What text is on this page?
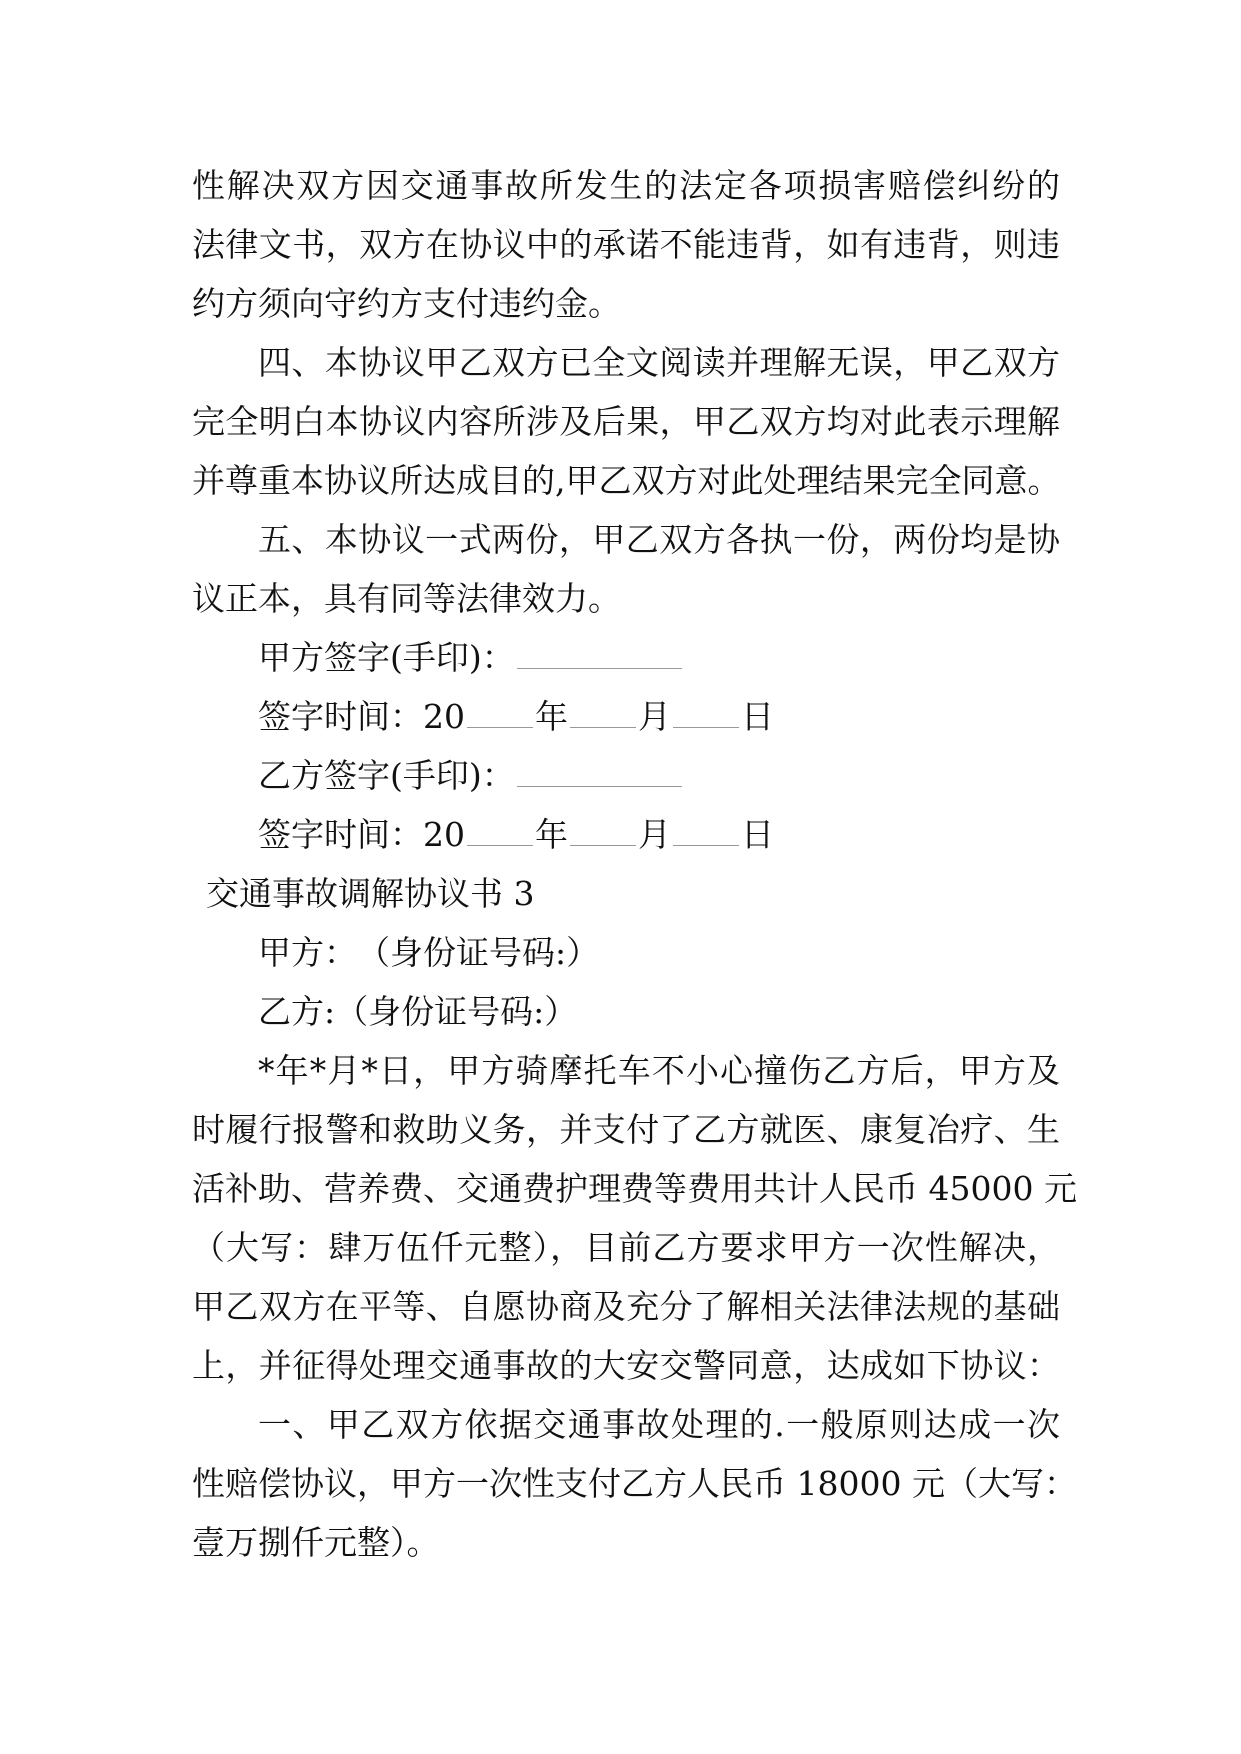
性解决双方因交通事故所发生的法定各项损害赔偿纠纷的
法律文书，双方在协议中的承诺不能违背，如有违背，则违
约方须向守约方支付违约金。
四、本协议甲乙双方已全文阅读并理解无误，甲乙双方
完全明白本协议内容所涉及后果，甲乙双方均对此表示理解
并尊重本协议所达成目的,甲乙双方对此处理结果完全同意。
五、本协议一式两份，甲乙双方各执一份，两份均是协
议正本，具有同等法律效力。
甲方签字(手印)：
签字时间：20 年 月 日
乙方签字(手印)：
签字时间：20 年 月 日
交通事故调解协议书 3
甲方：　（身份证号码:）
乙方:（身份证号码:）
*年*月*日，甲方骑摩托车不小心撞伤乙方后，甲方及
时履行报警和救助义务，并支付了乙方就医、康复冶疗、生
活补助、营养费、交通费护理费等费用共计人民币 45000 元
（大写：肆万伍仟元整），目前乙方要求甲方一次性解决，
甲乙双方在平等、自愿协商及充分了解相关法律法规的基础
上，并征得处理交通事故的大安交警同意，达成如下协议：
一、甲乙双方依据交通事故处理的.一般原则达成一次
性赔偿协议，甲方一次性支付乙方人民币 18000 元（大写：
壹万捌仟元整）。
